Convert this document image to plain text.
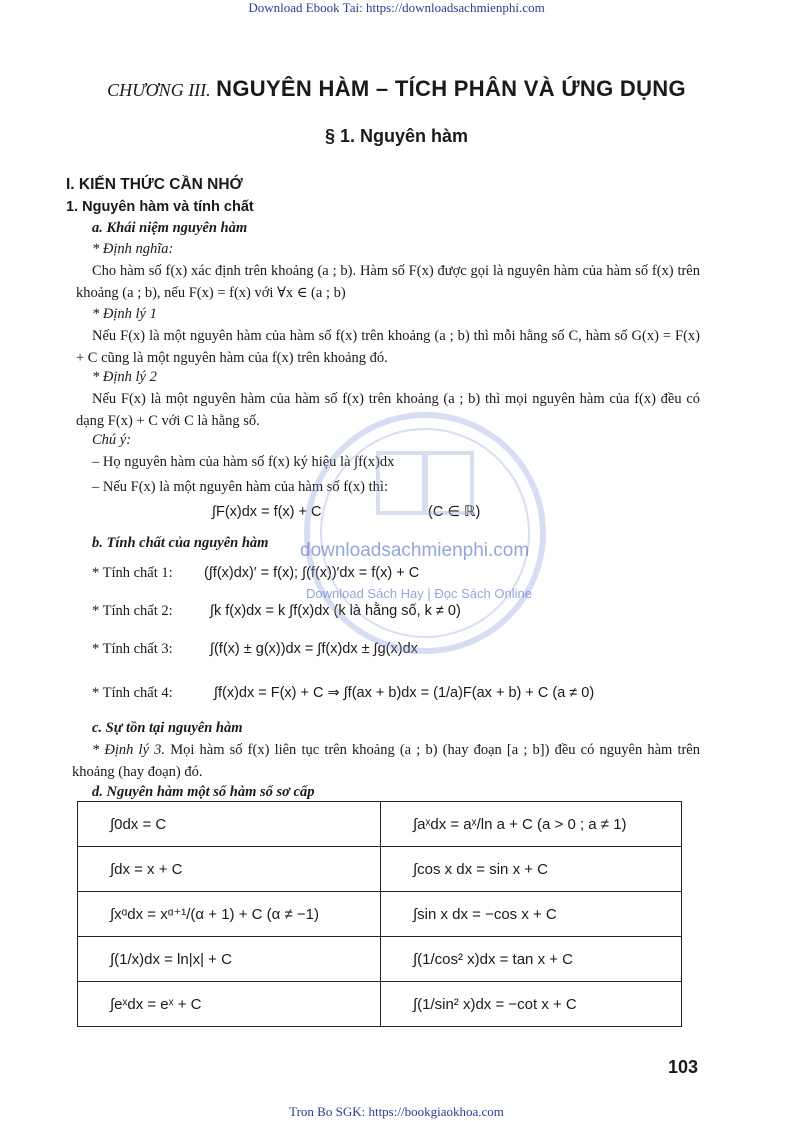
Download Ebook Tai: https://downloadsachmienphi.com
CHƯƠNG III. NGUYÊN HÀM – TÍCH PHÂN VÀ ỨNG DỤNG
§ 1. Nguyên hàm
I. KIẾN THỨC CẦN NHỚ
1. Nguyên hàm và tính chất
a. Khái niệm nguyên hàm
* Định nghĩa:
Cho hàm số f(x) xác định trên khoảng (a ; b). Hàm số F(x) được gọi là nguyên hàm của hàm số f(x) trên khoảng (a ; b), nếu F(x) = f(x) với ∀x ∈ (a ; b)
* Định lý 1
Nếu F(x) là một nguyên hàm của hàm số f(x) trên khoảng (a ; b) thì mỗi hằng số C, hàm số G(x) = F(x) + C cũng là một nguyên hàm của f(x) trên khoảng đó.
* Định lý 2
Nếu F(x) là một nguyên hàm của hàm số f(x) trên khoảng (a ; b) thì mọi nguyên hàm của f(x) đều có dạng F(x) + C với C là hằng số.
Chú ý:
– Họ nguyên hàm của hàm số f(x) ký hiệu là ∫f(x)dx
– Nếu F(x) là một nguyên hàm của hàm số f(x) thì:
∫F(x)dx = f(x) + C	(C ∈ ℝ)
b. Tính chất của nguyên hàm
* Tính chất 1: (∫f(x)dx)′ = f(x); ∫(f(x))′dx = f(x) + C
* Tính chất 2:	∫k f(x)dx = k ∫f(x)dx (k là hằng số, k ≠ 0)
* Tính chất 3:	∫(f(x) ± g(x))dx = ∫f(x)dx ± ∫g(x)dx
* Tính chất 4:	∫f(x)dx = F(x) + C ⇒ ∫f(ax + b)dx = (1/a)F(ax + b) + C (a ≠ 0)
c. Sự tồn tại nguyên hàm
* Định lý 3. Mọi hàm số f(x) liên tục trên khoảng (a ; b) (hay đoạn [a ; b]) đều có nguyên hàm trên khoảng (hay đoạn) đó.
d. Nguyên hàm một số hàm số sơ cấp
∫0dx = C	∫aˣdx = aˣ/ln a + C (a > 0 ; a ≠ 1)
∫dx = x + C	∫cos x dx = sin x + C
∫xᵅdx = xᵅ⁺¹/(α + 1) + C (α ≠ −1)	∫sin x dx = −cos x + C
∫(1/x)dx = ln|x| + C	∫(1/cos² x)dx = tan x + C
∫eˣdx = eˣ + C	∫(1/sin² x)dx = −cot x + C
downloadsachmienphi.com
Download Sách Hay | Đọc Sách Online
103
Tron Bo SGK: https://bookgiaokhoa.com
